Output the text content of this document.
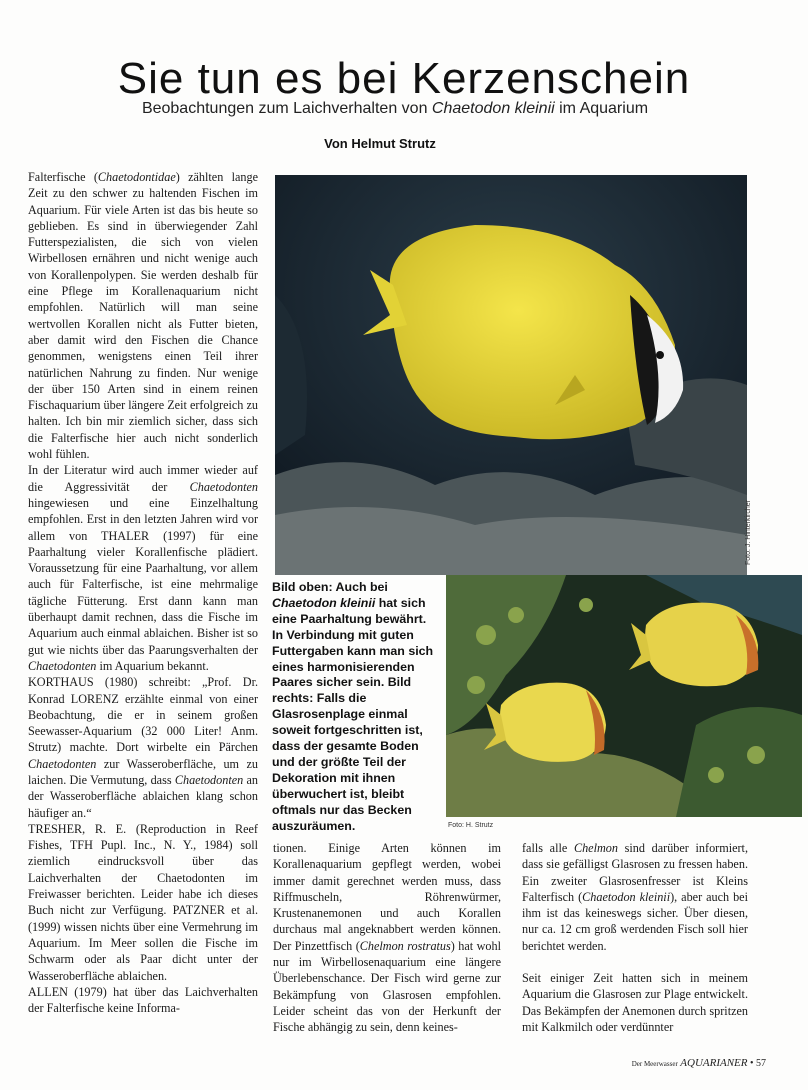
Sie tun es bei Kerzenschein
Beobachtungen zum Laichverhalten von Chaetodon kleinii im Aquarium
Von Helmut Strutz

Falterfische (Chaetodontidae) zählten lange Zeit zu den schwer zu haltenden Fischen im Aquarium. Für viele Arten ist das bis heute so geblieben. Es sind in überwiegender Zahl Futterspezialisten, die sich von vielen Wirbellosen ernähren und nicht wenige auch von Korallenpolypen. Sie werden deshalb für eine Pflege im Korallenaquarium nicht empfohlen. Natürlich will man seine wertvollen Korallen nicht als Futter bieten, aber damit wird den Fischen die Chance genommen, wenigstens einen Teil ihrer natürlichen Nahrung zu finden. Nur wenige der über 150 Arten sind in einem reinen Fischaquarium über längere Zeit erfolgreich zu halten. Ich bin mir ziemlich sicher, dass sich die Falterfische hier auch nicht sonderlich wohl fühlen.

In der Literatur wird auch immer wieder auf die Aggressivität der Chaetodonten hingewiesen und eine Einzelhaltung empfohlen. Erst in den letzten Jahren wird vor allem von THALER (1997) für eine Paarhaltung vieler Korallenfische plädiert. Voraussetzung für eine Paarhaltung, vor allem auch für Falterfische, ist eine mehrmalige tägliche Fütterung. Erst dann kann man überhaupt damit rechnen, dass die Fische im Aquarium auch einmal ablaichen. Bisher ist so gut wie nichts über das Paarungsverhalten der Chaetodonten im Aquarium bekannt.

KORTHAUS (1980) schreibt: „Prof. Dr. Konrad LORENZ erzählte einmal von einer Beobachtung, die er in seinem großen Seewasser-Aquarium (32 000 Liter! Anm. Strutz) machte. Dort wirbelte ein Pärchen Chaetodonten zur Wasseroberfläche, um zu laichen. Die Vermutung, dass Chaetodonten an der Wasseroberfläche ablaichen klang schon häufiger an.“

TRESHER, R. E. (Reproduction in Reef Fishes, TFH Pupl. Inc., N. Y., 1984) soll ziemlich eindrucksvoll über das Laichverhalten der Chaetodonten im Freiwasser berichten. Leider habe ich dieses Buch nicht zur Verfügung. PATZNER et al. (1999) wissen nichts über eine Vermehrung im Aquarium. Im Meer sollen die Fische im Schwarm oder als Paar dicht unter der Wasseroberfläche ablaichen.

ALLEN (1979) hat über das Laichverhalten der Falterfische keine Informa-

Foto: J. Hinterkircher
Bild oben: Auch bei Chaetodon kleinii hat sich eine Paarhaltung bewährt. In Verbindung mit guten Futtergaben kann man sich eines harmonisierenden Paares sicher sein. Bild rechts: Falls die Glasrosenplage einmal soweit fortgeschritten ist, dass der gesamte Boden und der größte Teil der Dekoration mit ihnen überwuchert ist, bleibt oftmals nur das Becken auszuräumen.	Foto: H. Strutz

tionen. Einige Arten können im Korallenaquarium gepflegt werden, wobei immer damit gerechnet werden muss, dass Riffmuscheln, Röhrenwürmer, Krustenanemonen und auch Korallen durchaus mal angeknabbert werden können. Der Pinzettfisch (Chelmon rostratus) hat wohl nur im Wirbellosenaquarium eine längere Überlebenschance. Der Fisch wird gerne zur Bekämpfung von Glasrosen empfohlen. Leider scheint das von der Herkunft der Fische abhängig zu sein, denn keines-

falls alle Chelmon sind darüber informiert, dass sie gefälligst Glasrosen zu fressen haben. Ein zweiter Glasrosenfresser ist Kleins Falterfisch (Chaetodon kleinii), aber auch bei ihm ist das keineswegs sicher. Über diesen, nur ca. 12 cm groß werdenden Fisch soll hier berichtet werden.

Seit einiger Zeit hatten sich in meinem Aquarium die Glasrosen zur Plage entwickelt. Das Bekämpfen der Anemonen durch spritzen mit Kalkmilch oder verdünnter

Der Meerwasser AQUARIANER • 57
